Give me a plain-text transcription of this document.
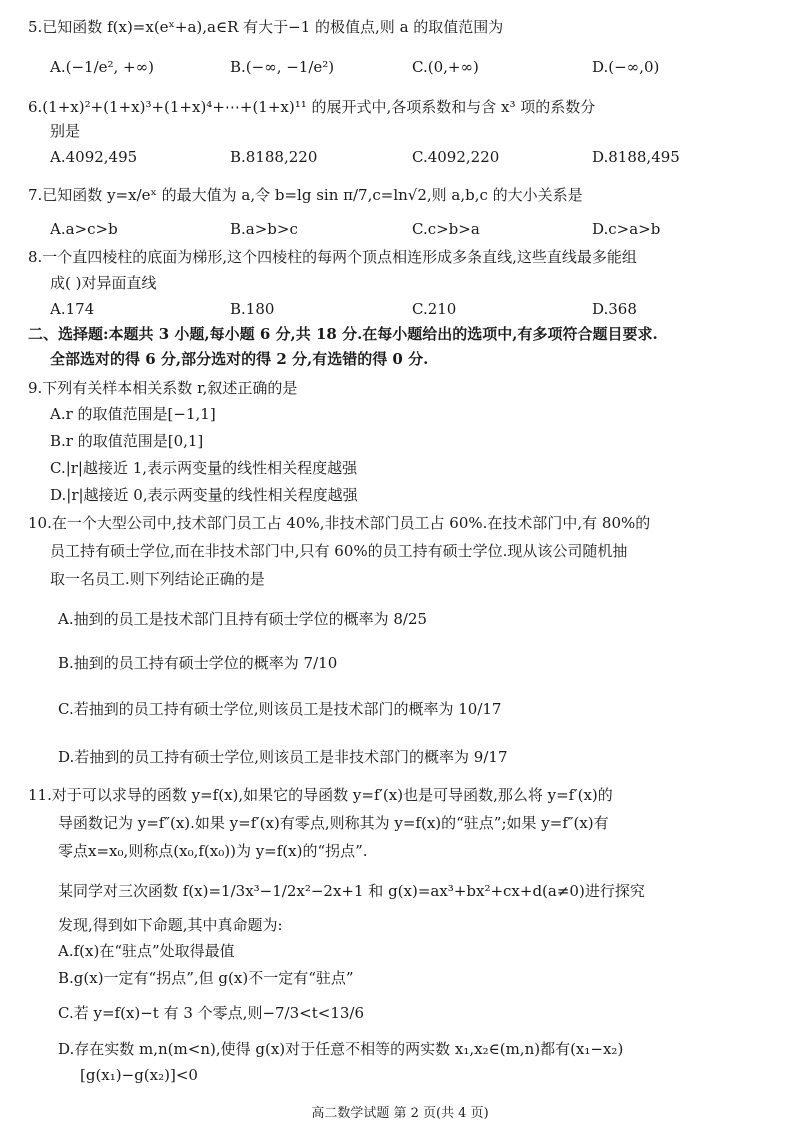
5.已知函数 f(x)=x(eˣ+a),a∈R 有大于−1 的极值点,则 a 的取值范围为
A.(−1/e², +∞)	B.(−∞, −1/e²)	C.(0,+∞)	D.(−∞,0)
6.(1+x)²+(1+x)³+(1+x)⁴+⋯+(1+x)¹¹ 的展开式中,各项系数和与含 x³ 项的系数分
别是
A.4092,495	B.8188,220	C.4092,220	D.8188,495
7.已知函数 y=x/eˣ 的最大值为 a,令 b=lg sin π/7,c=ln√2,则 a,b,c 的大小关系是
A.a>c>b	B.a>b>c	C.c>b>a	D.c>a>b
8.一个直四棱柱的底面为梯形,这个四棱柱的每两个顶点相连形成多条直线,这些直线最多能组
成( )对异面直线
A.174	B.180	C.210	D.368
二、选择题:本题共 3 小题,每小题 6 分,共 18 分.在每小题给出的选项中,有多项符合题目要求.
全部选对的得 6 分,部分选对的得 2 分,有选错的得 0 分.
9.下列有关样本相关系数 r,叙述正确的是
A.r 的取值范围是[−1,1]
B.r 的取值范围是[0,1]
C.|r|越接近 1,表示两变量的线性相关程度越强
D.|r|越接近 0,表示两变量的线性相关程度越强
10.在一个大型公司中,技术部门员工占 40%,非技术部门员工占 60%.在技术部门中,有 80%的
员工持有硕士学位,而在非技术部门中,只有 60%的员工持有硕士学位.现从该公司随机抽
取一名员工.则下列结论正确的是
A.抽到的员工是技术部门且持有硕士学位的概率为 8/25
B.抽到的员工持有硕士学位的概率为 7/10
C.若抽到的员工持有硕士学位,则该员工是技术部门的概率为 10/17
D.若抽到的员工持有硕士学位,则该员工是非技术部门的概率为 9/17
11.对于可以求导的函数 y=f(x),如果它的导函数 y=f′(x)也是可导函数,那么将 y=f′(x)的
导函数记为 y=f″(x).如果 y=f′(x)有零点,则称其为 y=f(x)的“驻点”;如果 y=f″(x)有
零点x=x₀,则称点(x₀,f(x₀))为 y=f(x)的“拐点”.
某同学对三次函数 f(x)=1/3x³−1/2x²−2x+1 和 g(x)=ax³+bx²+cx+d(a≠0)进行探究
发现,得到如下命题,其中真命题为:
A.f(x)在“驻点”处取得最值
B.g(x)一定有“拐点”,但 g(x)不一定有“驻点”
C.若 y=f(x)−t 有 3 个零点,则−7/3<t<13/6
D.存在实数 m,n(m<n),使得 g(x)对于任意不相等的两实数 x₁,x₂∈(m,n)都有(x₁−x₂)
[g(x₁)−g(x₂)]<0
高二数学试题 第 2 页(共 4 页)
